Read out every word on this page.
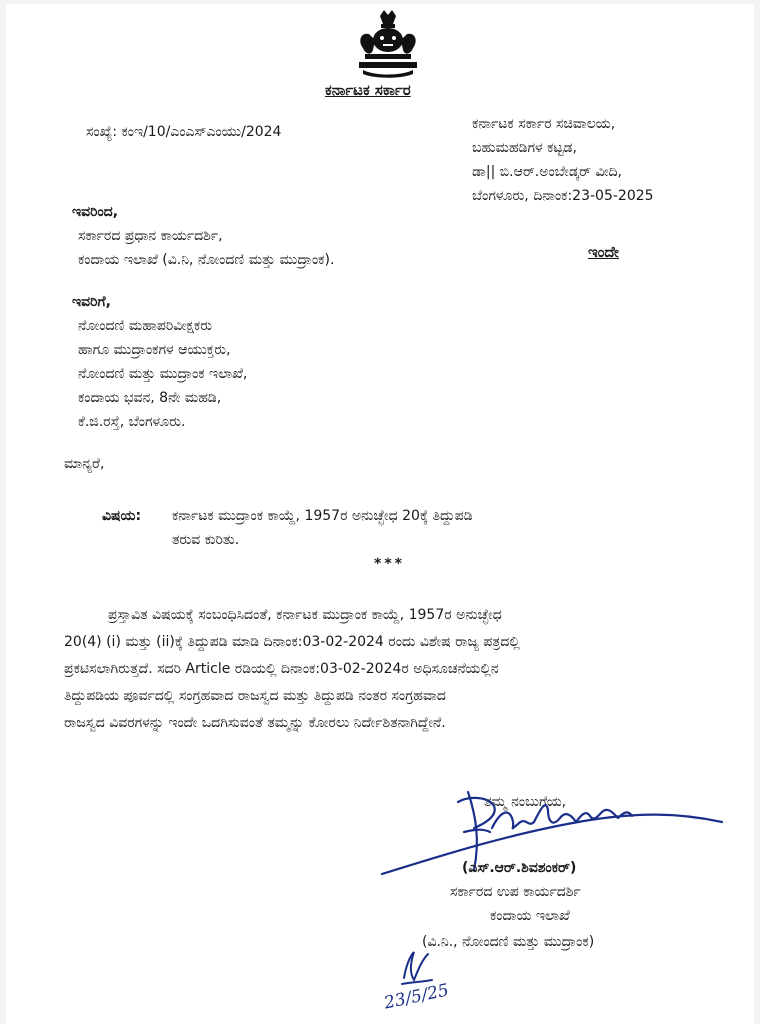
ಕರ್ನಾಟಕ ಸರ್ಕಾರ
ಸಂಖ್ಯೆ: ಕಂಇ/10/ಎಂಎಸ್ಎಂಯು/2024	ಕರ್ನಾಟಕ ಸರ್ಕಾರ ಸಚಿವಾಲಯ,
ಬಹುಮಹಡಿಗಳ ಕಟ್ಟಡ,
ಡಾ|| ಬಿ.ಆರ್.ಅಂಬೇಡ್ಕರ್ ವೀದಿ,
ಬೆಂಗಳೂರು, ದಿನಾಂಕ:23-05-2025
ಇವರಿಂದ,
ಸರ್ಕಾರದ ಪ್ರಧಾನ ಕಾರ್ಯದರ್ಶಿ,
ಕಂದಾಯ ಇಲಾಖೆ (ವಿ.ನಿ, ನೋಂದಣಿ ಮತ್ತು ಮುದ್ರಾಂಕ).	ಇಂದೇ
ಇವರಿಗೆ,
ನೋಂದಣಿ ಮಹಾಪರಿವೀಕ್ಷಕರು
ಹಾಗೂ ಮುದ್ರಾಂಕಗಳ ಆಯುಕ್ತರು,
ನೋಂದಣಿ ಮತ್ತು ಮುದ್ರಾಂಕ ಇಲಾಖೆ,
ಕಂದಾಯ ಭವನ, 8ನೇ ಮಹಡಿ,
ಕೆ.ಜಿ.ರಸ್ತೆ, ಬೆಂಗಳೂರು.
ಮಾನ್ಯರೆ,
ವಿಷಯ: ಕರ್ನಾಟಕ ಮುದ್ರಾಂಕ ಕಾಯ್ದೆ, 1957ರ ಅನುಚ್ಛೇಧ 20ಕ್ಕೆ ತಿದ್ದುಪಡಿ
ತರುವ ಕುರಿತು.
***
ಪ್ರಸ್ತಾವಿತ ವಿಷಯಕ್ಕೆ ಸಂಬಂಧಿಸಿದಂತೆ, ಕರ್ನಾಟಕ ಮುದ್ರಾಂಕ ಕಾಯ್ದೆ, 1957ರ ಅನುಚ್ಛೇಧ
20(4) (i) ಮತ್ತು (ii)ಕ್ಕೆ ತಿದ್ದುಪಡಿ ಮಾಡಿ ದಿನಾಂಕ:03-02-2024 ರಂದು ವಿಶೇಷ ರಾಜ್ಯ ಪತ್ರದಲ್ಲಿ
ಪ್ರಕಟಿಸಲಾಗಿರುತ್ತದೆ. ಸದರಿ Article ರಡಿಯಲ್ಲಿ ದಿನಾಂಕ:03-02-2024ರ ಅಧಿಸೂಚನೆಯಲ್ಲಿನ
ತಿದ್ದುಪಡಿಯ ಪೂರ್ವದಲ್ಲಿ ಸಂಗ್ರಹವಾದ ರಾಜಸ್ವದ ಮತ್ತು ತಿದ್ದುಪಡಿ ನಂತರ ಸಂಗ್ರಹವಾದ
ರಾಜಸ್ವದ ವಿವರಗಳನ್ನು ಇಂದೇ ಒದಗಿಸುವಂತೆ ತಮ್ಮನ್ನು ಕೋರಲು ನಿರ್ದೇಶಿತನಾಗಿದ್ದೇನೆ.
ತಮ್ಮ ನಂಬುಗೆಯ,
(ಎಸ್.ಆರ್.ಶಿವಶಂಕರ್)
ಸರ್ಕಾರದ ಉಪ ಕಾರ್ಯದರ್ಶಿ
ಕಂದಾಯ ಇಲಾಖೆ
(ವಿ.ನಿ., ನೋಂದಣಿ ಮತ್ತು ಮುದ್ರಾಂಕ)
23/5/25
